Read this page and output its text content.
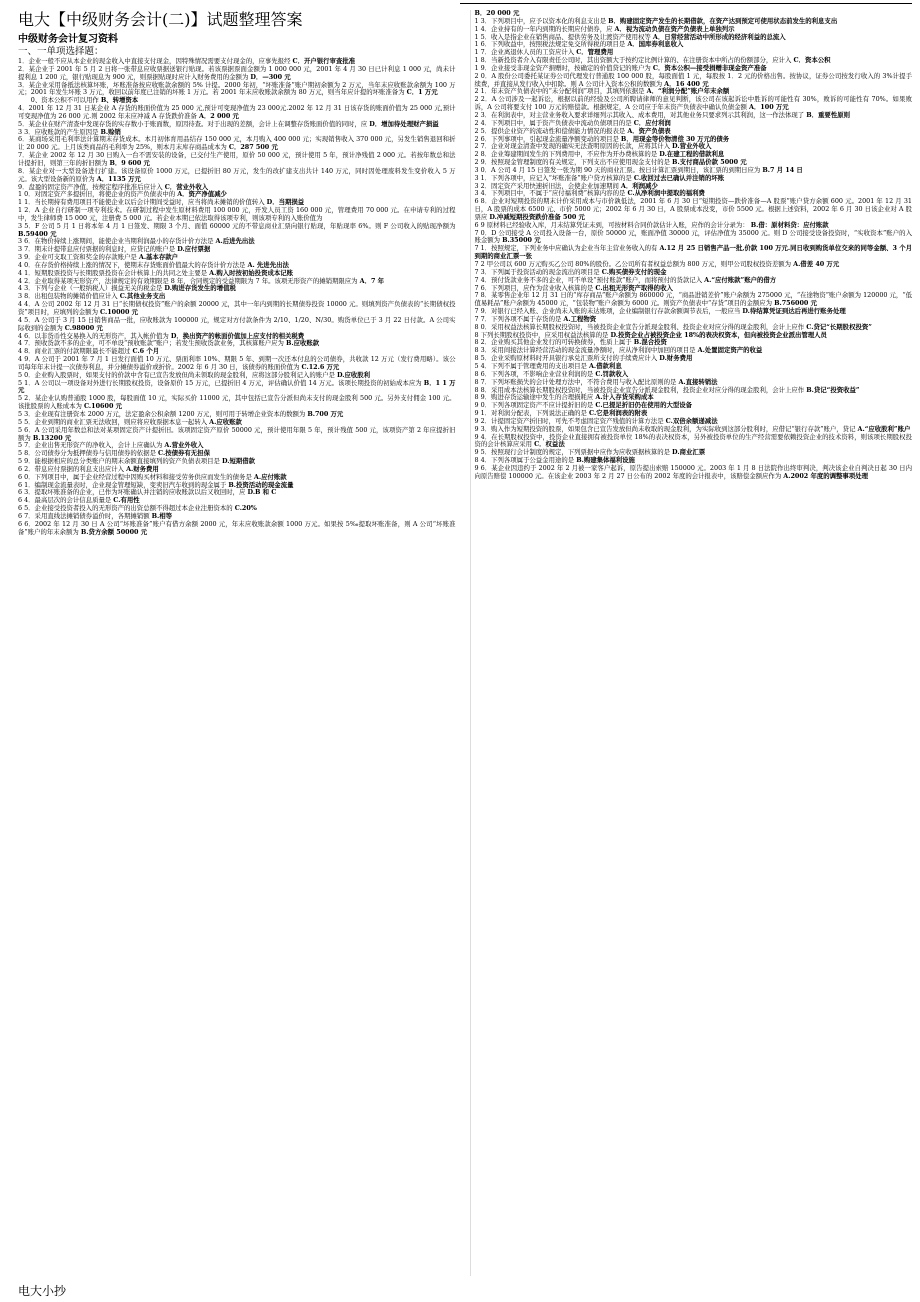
电大【中级财务会计(二)】试题整理答案
中级财务会计复习资料
一、一单项选择题：

1．企业一般不应从本企业的现金收入中直接支付现金，因特殊情况需要支付现金的，应事先报经 C．开户银行审查批准

2．某企业于 2001 年 5 月 2 日将一张带息应收票据送银行贴现。若该票据票面金额为 1 000 000 元，2001 年 4 月 30 日已计利息 1 000 元，尚未计提利息 1 200 元，银行贴现息为 900 元，则票据贴现时应计入财务费用的金额为 D．—300 元

3．某企业采用备抵法核算坏账，坏账准备按应收账款余额的 5% 计提。2000 年初，“坏账准备”账户期初余额为 2 万元，当年末应收账款余额为 100 万元；2001 年发生坏账 3 万元，收回以前年度已注销的坏账 1 万元。若 2001 年末应收账款余额为 80 万元，则当年应计提的坏账准备为 C．1 万元

　　0、资本公积不可以用作 B、转增资本

4．2001 年 12 月 31 日某企业 A 存货的账面价值为 25 000 元,预计可变现净值为 23 000元.2002 年 12 月 31 日该存货的账面价值为 25 000 元,预计可变现净值为 26 000 元.则 2002 年末应冲减 A 存货跌价准备 A．2 000 元

5．某企业在财产清查中发现存货的实存数小于账面数，原因待查。对于出现的差额，会计上在调整存货账面价值的同时，应 D．增加待处理财产损溢

3 3．应收账款的产生原因是 B.赊销

6．某商场采用毛利率法计算期末存货成本。本月初体育用品结存 150 000 元，本月购入 400 000 元；实现销售收入 370 000 元，另发生销售退回和折让 20 000 元。上月该类商品的毛利率为 25%，则本月末库存商品成本为 C．287 500 元

7．某企业 2002 年 12 月 30 日购入一台不需安装的设备，已交付生产使用，原价 50 000 元，预计使用 5 年，预计净残值 2 000 元。若按年数总和法计提折旧，则第三年的折旧额为 B．9 600 元

8．某企业对一大型设备进行扩建。该设备原价 1000 万元，已提折旧 80 万元，发生的改扩建支出共计 140 万元，同时因处理废料发生变价收入 5 万元。该大型设备新的原价为 A．1135 万元

9．盘盈的固定资产净值，按规定程序批准后应计入 C．营业外收入

1 0．对固定资产多提折旧，将使企业的资产负债表中的 A．资产净值减少

1 1．当长期持有费用项目不能使企业以后会计期间受益时，应当将尚未摊销的价值转入 D．当期损益

1 2．A 企业自行研制一项专利技术。在研制过程中发生原材料费用 100 000 元，开发人员工资 160 000 元，管理费用 70 000 元。在申请专利的过程中，发生律师费 15 000 元，注册费 5 000 元。若企业本期已依法取得该项专利，则该项专利的入账价值为

3 5．F 公司 5 月 1 日将本年 4 月 1 日签发、期限 3 个月、面值 60000 元的不带息商业汇票向银行贴现，年贴现率 6%。则 F 公司收入的贴现净额为 B.59400 元

3 6．在物价持续上涨期间，能使企业当期利润最小的存货计价方法是 A.后进先出法

3 7．期末计提带息应付票据的利息时，应贷记的账户是 D.应付票据

3 9．企业可支取工资和奖金的存款账户是 A.基本存款户

4 0．在存货价格持续上涨的情况下，使期末存货账面价值最大的存货计价方法是 A. 先进先出法

4 1．短期股票投资与长期股票投资在会计核算上的共同之处主要是 A.购入时按初始投资成本记账

4 2．企业取得某项无形资产，法律规定的有效期限是 8 年，合同规定的受益期限为 7 年。该项无形资产的摊销期限应为 A．7 年

4 3．下列与企业（一般纳税人）损益无关的税金是 D.购进存货发生的增值税

3 8．出租包装物的摊销价值应计入 C.其他业务支出

4 4．A 公司 2002 年 12 月 31 日“长期债权投资”账户的余额 20000 元，其中一年内到期的长期债券投资 10000 元。则填列资产负债表的“长期债权投资”项目时，应填列的金额为 C.10000 元

4 5．A 公司于 3 月 15 日销售商品一批，应收账款为 100000 元，规定对方付款条件为 2/10、1/20、N/30。购货单位已于 3 月 22 日付款。A 公司实际收到的金额为 C.98000 元

4 6．以非货币性交易换入的无形资产，其入帐价值为 D．换出资产的帐面价值加上应支付的相关税费

4 7．预收货款不多的企业，可不单设“预收账款”账户；若发生预收货款业务，其核算账户应为 B.应收账款

4 8．商业汇票的付款期限最长不能超过 C.6 个月

4 9．A 公司于 2001 年 7 月 1 日发行面值 10 万元、票面利率 10%、期限 5 年、到期一次还本付息的公司债券，共收款 12 万元（发行费用略）。该公司每年年末计提一次债券利息，并分摊债券溢价或折价。2002 年 6 月 30 日，该债券的账面价值为 C.12.6 万元

5 0．企业购入股票时，如果支付的价款中含有已宣告发放但尚未领取的现金股利，应将这部分股利记入的账户是 D.应收股利

5 1．A 公司以一项设备对外进行长期股权投资，设备原价 15 万元，已提折旧 4 万元，评估确认价值 14 万元。该项长期投资的初始成本应为 B．1 1 万元

5 2．某企业认购普通股 1000 股，每股面值 10 元，实际买价 11000 元，其中包括已宣告分派但尚未支付的现金股利 500 元。另外支付佣金 100 元。该批股票的入账成本为 C.10600 元

5 3．企业现有注册资本 2000 万元，法定盈余公积余额 1200 万元，则可用于转增企业资本的数额为 B.700 万元

5 5．企业到期的商业汇票无法收回，则应将应收票据本息一起转入 A.应收账款

5 6．A 公司采用年数总和法对某项固定资产计提折旧。该项固定资产原价 50000 元，预计使用年限 5 年，预计残值 500 元，该项资产第 2 年应提折旧额为 B.13200 元

5 7．企业出售无形资产的净收入，会计上应确认为 A.营业外收入

5 8．公司债券分为抵押债券与信用债券的依据是 C.按债券有无担保

5 9．能根据相应的总分类账户的期末余额直接填列的资产负债表项目是 D.短期借款

6 2．带息应付票据的利息支出应计入 A.财务费用

6 0．下列项目中，属于企业经营过程中因购买材料和接受劳务供应而发生的债务是 A.应付账款

6 1．编制现金流量表时，企业现金管理短缺，变卖旧汽车收到的现金属于 B.投资活动的现金流量

6 3．提取坏账准备的企业，已作为坏账确认并注销的应收账款以后又收回时，应 D.B 和 C

6 4．最高层次的会计信息质量是 C.有用性

6 5．企业接受投资者投入的无形资产的出资总额不得超过本企业注册资本的 C.20%

6 7．采用直线法摊销债券溢价时，各期摊销额 B.相等

6 6．2002 年 12 月 30 日 A 公司“坏账准备”账户有借方余额 2000 元，年末应收账款余额 1000 万元。如果按 5‰提取坏账准备，则 A 公司“坏账准备”账户的年末余额为 B.贷方余额 50000 元

B．20 000 元

1 3．下列项目中，应予以资本化的利息支出是 B．购建固定资产发生的长期借款，在资产达到预定可使用状态前发生的利息支出

1 4．企业持有的一年内到期的长期应付债券，应 A．视为流动负债在资产负债表上单独列示

1 5．收入是指企业在销售商品、提供劳务及让渡资产使用权等 A．日常经营活动中所形成的经济利益的总流入

1 6．下列收益中，按照税法规定免交所得税的项目是 A．国库券利息收入

1 7．企业离退休人员的工资应计入 C．管理费用

1 8．当新投资者介入有限责任公司时，其出资额大于按约定比例计算的、在注册资本中所占的份额部分，应计入 C．资本公积

1 9．企业接受非现金资产捐赠时，按确定的价值贷记的账户为 C．资本公积—接受捐赠非现金资产准备

2 0．A 股份公司委托某证券公司代理发行普通股 100 000 股，每股面值 1 元，每股按 1．2 元的价格出售。按协议，证券公司按发行收入的 3%计提手续费，并直接从发行收入中扣除。则 A 公司计入资本公积的数额为 A．16 400 元

2 1．年末资产负债表中的“未分配利润”项目，其填列依据是 A．“利润分配”账户年末余额

2 2．A 公司涉及一起诉讼，根据以前的经验及公司所聘请律师的意见判断，该公司在该起诉讼中胜诉的可能性有 30%，败诉的可能性有 70%。如果败诉，A 公司将要支付 100 万元的赔偿款。根据规定，A 公司应于年末资产负债表中确认负债金额 A．100 万元

2 3．在利润表中，对主营业务收入要求详细列示其收入、成本费用，对其他业务只要求列示其利润，这一作法体现了 B．重要性原则

2 4．下列项目中，属于资产负债表中流动负债项目的是 C．应付利润

2 5．提供企业资产的流动性和偿债能力情况的报表是 A．资产负债表

2 6．下列事项中，引起现金流量净额变动的项目是 B．用现金等价物清偿 30 万元的债务

2 7．企业对现金清查中发现的确实无法查明原因的长款，应将其计入 D.营业外收入

2 8．企业筹建期间发生的下列费用中，不应作为开办费核算的是 D.在建工程的借款利息

2 9．按照现金管理制度的有关规定，下列支出不应使用现金支付的是 B.支付商品价款 5000 元

3 0．A 公司 4 月 15 日签发一张为期 90 天的商业汇票。按日计算汇票到期日，该汇票的到期日应为 B.7 月 14 日

3 1．下列各项中，应记入“坏账准备”账户贷方核算的是 C.收回过去已确认并注销的坏账

3 2．固定资产采用快速折旧法，会使企业加速期间 A．利润减少

3 4．下列项目中，不属于“应付福利费”核算内容的是 C.从净利润中提取的福利费

6 8．企业对短期投资的期末计价采用成本与市价孰低法，2001 年 6 月 30 日“短期投资—跌价准备—A 股票”账户贷方余额 600 元。2001 年 12 月 31 日，A 股票的成本 6500 元、市价 5000 元；2002 年 6 月 30 日，A 股票成本没变，市价 5500 元。根据上述资料，2002 年 6 月 30 日该企业对 A 股票应 D.冲减短期投资跌价准备 500 元

6 9 原材料已经验收入库，月末结算凭证未到，可按材料合同价款估计入账，应作的会计分录为： B.借：原材料贷：应付账款

7 0．D 公司接受 A 公司投入设备一台，原价 50000 元，账面净值 30000 元，评估净值为 35000 元。则 D 公司接受设备投资时，“实收资本”账户的入账金额为 B.35000 元

7 1．按照规定，下列业务中应确认为企业当年主营业务收入的有 A.12 月 25 日销售产品一批,价款 100 万元.同日收到购货单位交来的同等金额、3 个月到期的商业汇票一张

7 2 甲公司以 600 万元购买乙公司 80%的股份。乙公司所有者权益总额为 800 万元，则甲公司股权投资差额为 A.借差 40 万元

7 3．下列属于投资活动的现金流出的项目是 C.购买债券支付的现金

7 4．预付货款业务不多的企业，可不单设“预付账款”账户，而将预付的货款记入 A.“应付账款”账户的借方

7 6．下列项目，应作为营业收入核算的是 C.出租无形资产取得的收入

7 8．某零售企业年 12 月 31 日的“库存商品”账户余额为 860000 元，“商品进销差价”账户余额为 275000 元，“在途物资”账户余额为 120000 元，“低值易耗品”账户余额为 45000 元，“包装物”账户余额为 6000 元。则资产负债表中“存货”项目的金额应为 B.756000 元

7 9．对银行已经入账、企业尚未入账的未达账项，企业编制银行存款余额调节表后，一般应当 D.待结算凭证到达后再进行账务处理

7 7．下列各项不属于存货的是 A.工程物资

8 0．采用权益法核算长期股权投资时，当被投资企业宣告分派现金股利、投资企业对应分得的现金股利，会计上应作 C.贷记“长期股权投资”

8 下列长期股权投资中，应采用权益法核算的是 D.投资企业占被投资企业 18%的表决权资本，但向被投资企业派出管理人员

8 2．企业购买其他企业发行的可转换债券，性质上属于 B.混合投资

8 3．采用间接法计算经营活动的现金流量净额时，应从净利润中加回的项目是 A.处置固定资产的收益

8 5．企业采购原材料时开具银行承兑汇票所支付的手续费应计入 D.财务费用

5 4．下列不属于管理费用的支出项目是 A.借款利息

8 6．下列各项，不影响企业营业利润的是 C.罚款收入

8 7．下列坏账损失的会计处理方法中，不符合费用与收入配比原则的是 A.直接转销法

8 8．采用成本法核算长期股权投资时，当被投资企业宣告分派现金股利，投资企业对应分得的现金股利，会计上应作 B.贷记“投资收益”

8 9．购进存货运输途中发生的合理损耗应 A.计入存货采购成本

9 0．下列各项固定资产不应计提折旧的是 C.已提足折旧仍在使用的大型设备

9 1．对利润分配表，下列说法正确的是 C.它是利润表的附表

9 2．计提固定资产折旧时，可先不考虑固定资产残值的计算方法是 C.双倍余额递减法

9 3．购入作为短期投资的股票，如果包含已宣告发放但尚未收取的现金股利，为实际收到这部分股利时，应借记“银行存款”账户，贷记 A.“应收股利”账户

9 4．在长期股权投资中，投资企业直接拥有被投资单位 18%的表决权资本，另外被投资单位的生产经营需要依赖投资企业的技术资料，则该项长期股权投资的会计核算应采用 C．权益法

9 5．按照现行会计制度的规定，下列票据中应作为应收票据核算的是 D.商业汇票

8 4．下列各项属于公益金用途的是 B.购建集体福利设施

9 6．某企业因违约于 2002 年 2 月被一家客户起诉，原告提出索赔 150000 元。2003 年 1 月 8 日法院作出终审判决，判决该企业自判决日起 30 日内向原告赔偿 100000 元。在该企业 2003 年 2 月 27 日公布的 2002 年度的会计报表中，该赔偿金额应作为 A.2002 年度的调整事项处理

电大小抄
